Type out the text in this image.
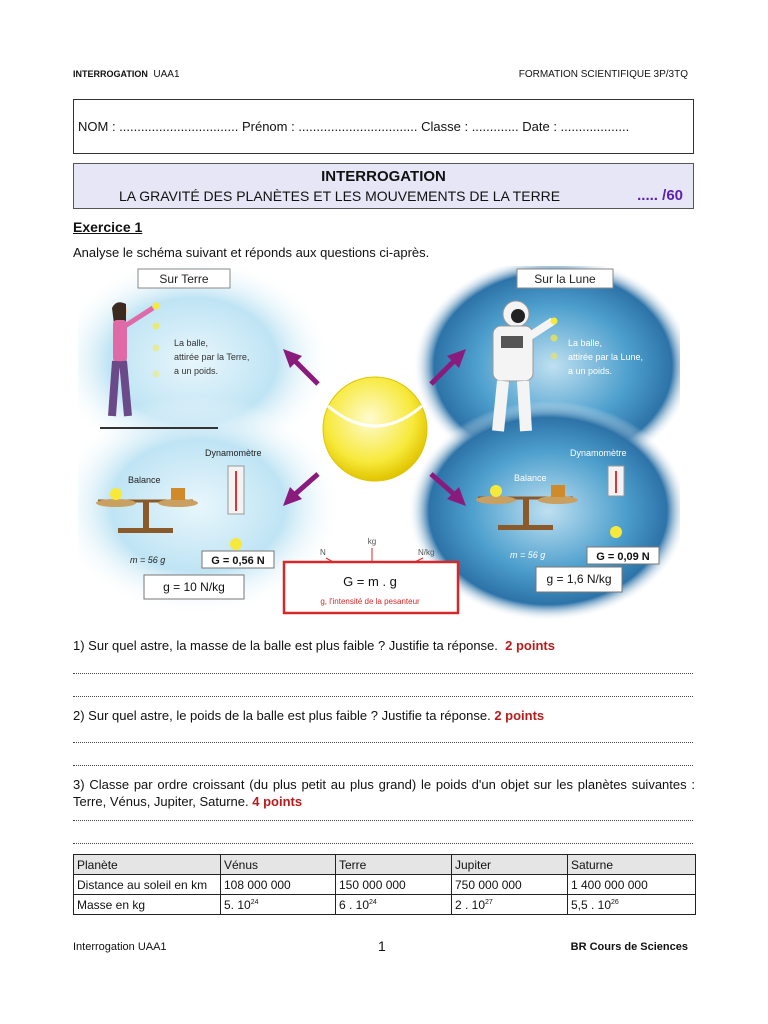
INTERROGATION UAA1	FORMATION SCIENTIFIQUE 3P/3TQ
NOM : ................................. Prénom : ................................. Classe : ............. Date : ...................
INTERROGATION
LA GRAVITÉ DES PLANÈTES ET LES MOUVEMENTS DE LA TERRE	..... /60
Exercice 1
Analyse le schéma suivant et réponds aux questions ci-après.
Sur Terre	Sur la Lune
La balle,
attirée par la Terre,
a un poids.
La balle,
attirée par la Lune,
a un poids.
Balance
Dynamomètre
m = 56 g	G = 0,56 N
g = 10 N/kg
Balance
Dynamomètre
m = 56 g	G = 0,09 N
g = 1,6 N/kg
kg
N	N/kg
G = m . g
g, l'intensité de la pesanteur
1) Sur quel astre, la masse de la balle est plus faible ? Justifie ta réponse. 2 points
2) Sur quel astre, le poids de la balle est plus faible ? Justifie ta réponse. 2 points
3) Classe par ordre croissant (du plus petit au plus grand) le poids d'un objet sur les planètes suivantes : Terre, Vénus, Jupiter, Saturne. 4 points
Planète	Vénus	Terre	Jupiter	Saturne
Distance au soleil en km	108 000 000	150 000 000	750 000 000	1 400 000 000
Masse en kg	5. $10^{24}$	6 . $10^{24}$	2 . $10^{27}$	5,5 . $10^{26}$
Interrogation UAA1	1	BR Cours de Sciences
